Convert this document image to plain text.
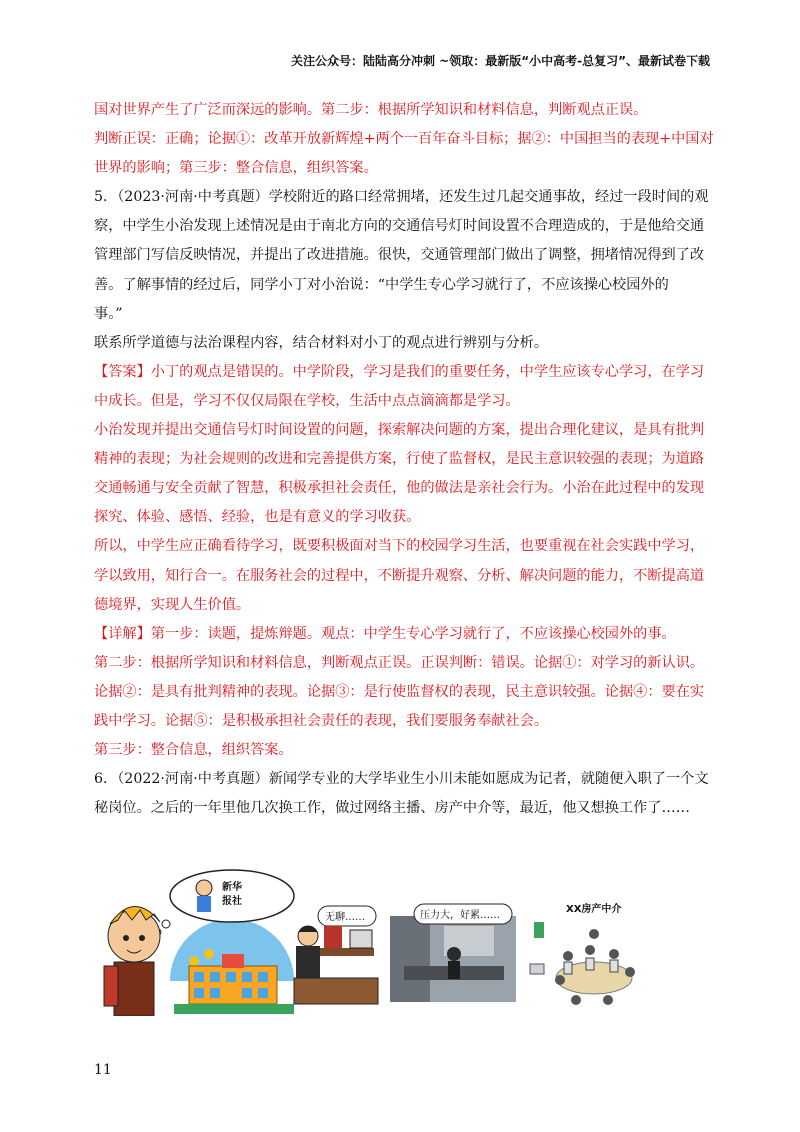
关注公众号：陆陆高分冲刺 ~领取：最新版“小中高考-总复习”、最新试卷下载
国对世界产生了广泛而深远的影响。第二步：根据所学知识和材料信息，判断观点正误。
判断正误：正确；论据①：改革开放新辉煌+两个一百年奋斗目标；据②：中国担当的表现+中国对
世界的影响；第三步：整合信息，组织答案。
5．（2023·河南·中考真题）学校附近的路口经常拥堵，还发生过几起交通事故，经过一段时间的观
察，中学生小治发现上述情况是由于南北方向的交通信号灯时间设置不合理造成的，于是他给交通
管理部门写信反映情况，并提出了改进措施。很快，交通管理部门做出了调整，拥堵情况得到了改
善。了解事情的经过后，同学小丁对小治说：“中学生专心学习就行了，不应该操心校园外的
事。”
联系所学道德与法治课程内容，结合材料对小丁的观点进行辨别与分析。
【答案】小丁的观点是错误的。中学阶段，学习是我们的重要任务，中学生应该专心学习，在学习
中成长。但是，学习不仅仅局限在学校，生活中点点滴滴都是学习。
小治发现并提出交通信号灯时间设置的问题，探索解决问题的方案，提出合理化建议，是具有批判
精神的表现；为社会规则的改进和完善提供方案，行使了监督权，是民主意识较强的表现；为道路
交通畅通与安全贡献了智慧，积极承担社会责任，他的做法是亲社会行为。小治在此过程中的发现
探究、体验、感悟、经验，也是有意义的学习收获。
所以，中学生应正确看待学习，既要积极面对当下的校园学习生活，也要重视在社会实践中学习，
学以致用，知行合一。在服务社会的过程中，不断提升观察、分析、解决问题的能力，不断提高道
德境界，实现人生价值。
【详解】第一步：读题，提炼辩题。观点：中学生专心学习就行了，不应该操心校园外的事。
第二步：根据所学知识和材料信息，判断观点正误。正误判断：错误。论据①：对学习的新认识。
论据②：是具有批判精神的表现。论据③：是行使监督权的表现，民主意识较强。论据④：要在实
践中学习。论据⑤：是积极承担社会责任的表现，我们要服务奉献社会。
第三步：整合信息，组织答案。
6．（2022·河南·中考真题）新闻学专业的大学毕业生小川未能如愿成为记者，就随便入职了一个文
秘岗位。之后的一年里他几次换工作，做过网络主播、房产中介等，最近，他又想换工作了……
新华
报社
无聊……	压力大，好累……
XX房产中介
11
